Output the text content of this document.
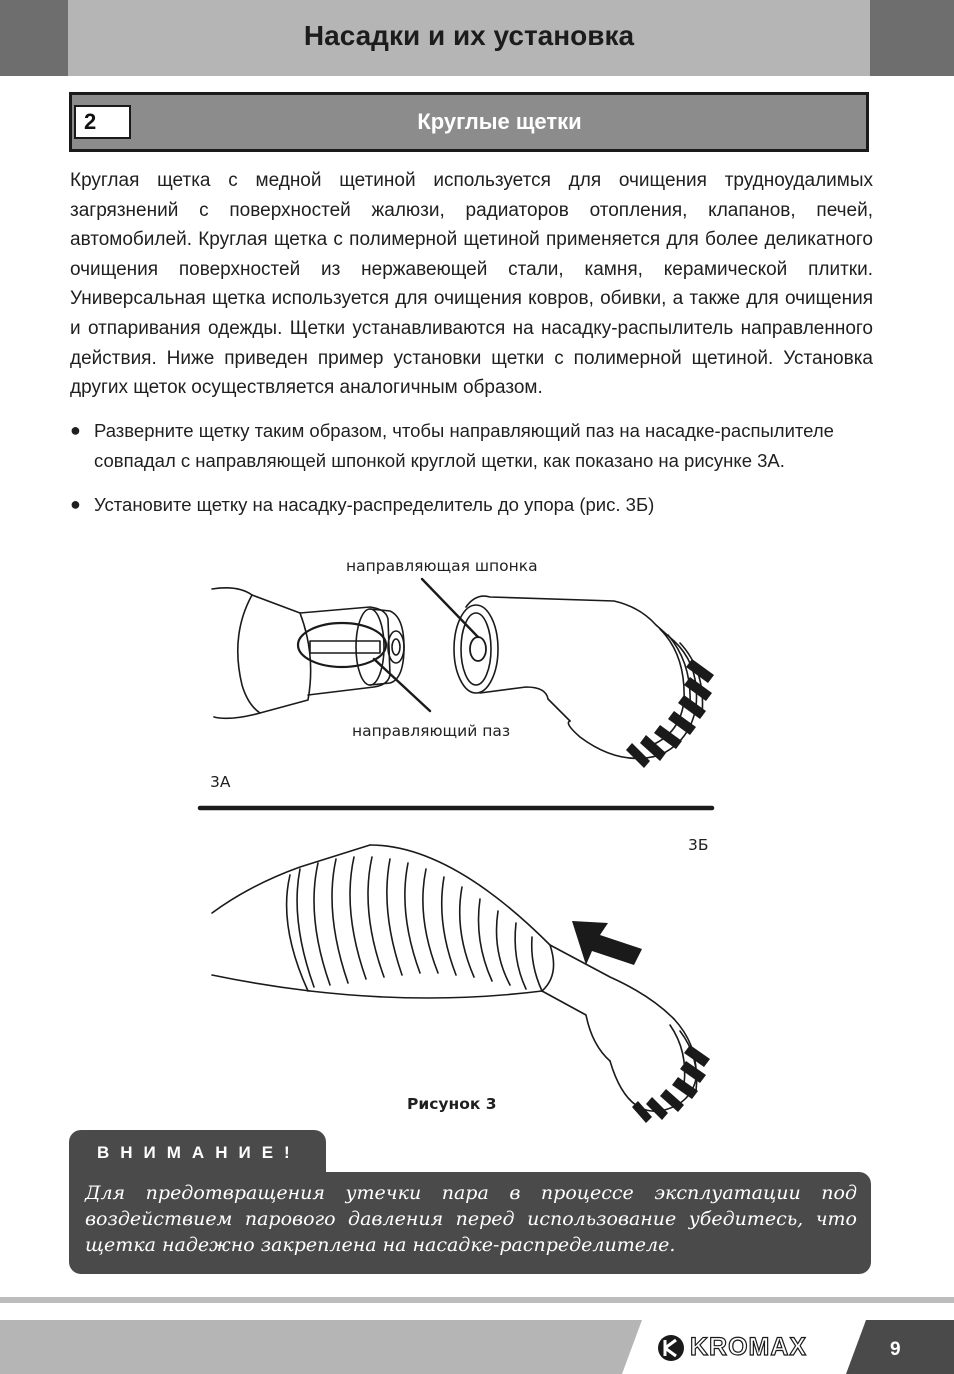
Насадки и их установка
2	Круглые щетки
Круглая щетка с медной щетиной используется для очищения трудноудалимых загрязнений с поверхностей жалюзи, радиаторов отопления, клапанов, печей, автомобилей. Круглая щетка с полимерной щетиной применяется для более деликатного очищения поверхностей из нержавеющей стали, камня, керамической плитки. Универсальная щетка используется для очищения ковров, обивки, а также для очищения и отпаривания одежды. Щетки устанавливаются на насадку-распылитель направленного действия. Ниже приведен пример установки щетки с полимерной щетиной. Установка других щеток осуществляется аналогичным образом.
● Разверните щетку таким образом, чтобы направляющий паз на насадке-распылителе совпадал с направляющей шпонкой круглой щетки, как показано на рисунке 3А.
● Установите щетку на насадку-распределитель до упора (рис. 3Б)
направляющая шпонка
направляющий паз
3А
3Б
Рисунок 3
ВНИМАНИЕ!
Для предотвращения утечки пара в процессе эксплуатации под воздействием парового давления перед использование убедитесь, что щетка надежно закреплена на насадке-распределителе.
KROMAX	9
